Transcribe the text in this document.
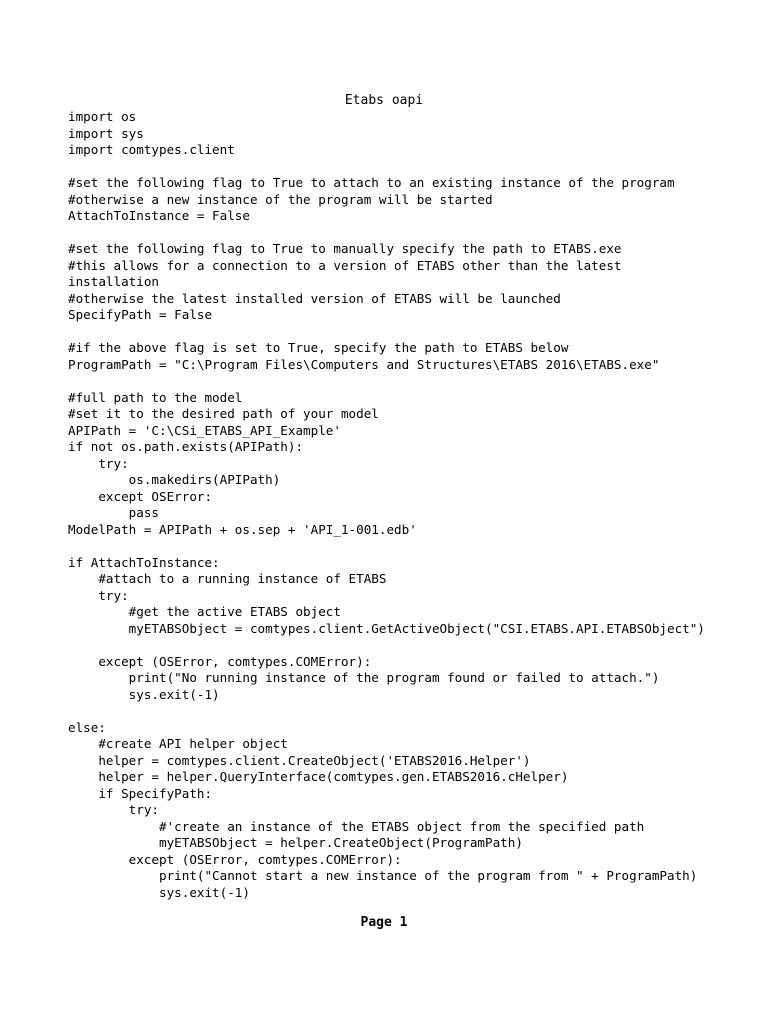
Etabs oapi
import os
import sys
import comtypes.client
#set the following flag to True to attach to an existing instance of the program
#otherwise a new instance of the program will be started
AttachToInstance = False
#set the following flag to True to manually specify the path to ETABS.exe
#this allows for a connection to a version of ETABS other than the latest
installation
#otherwise the latest installed version of ETABS will be launched
SpecifyPath = False
#if the above flag is set to True, specify the path to ETABS below
ProgramPath = "C:\Program Files\Computers and Structures\ETABS 2016\ETABS.exe"
#full path to the model
#set it to the desired path of your model
APIPath = 'C:\CSi_ETABS_API_Example'
if not os.path.exists(APIPath):
try:
os.makedirs(APIPath)
except OSError:
pass
ModelPath = APIPath + os.sep + 'API_1-001.edb'
if AttachToInstance:
#attach to a running instance of ETABS
try:
#get the active ETABS object
myETABSObject = comtypes.client.GetActiveObject("CSI.ETABS.API.ETABSObject")
except (OSError, comtypes.COMError):
print("No running instance of the program found or failed to attach.")
sys.exit(-1)
else:
#create API helper object
helper = comtypes.client.CreateObject('ETABS2016.Helper')
helper = helper.QueryInterface(comtypes.gen.ETABS2016.cHelper)
if SpecifyPath:
try:
#'create an instance of the ETABS object from the specified path
myETABSObject = helper.CreateObject(ProgramPath)
except (OSError, comtypes.COMError):
print("Cannot start a new instance of the program from " + ProgramPath)
sys.exit(-1)
Page 1
